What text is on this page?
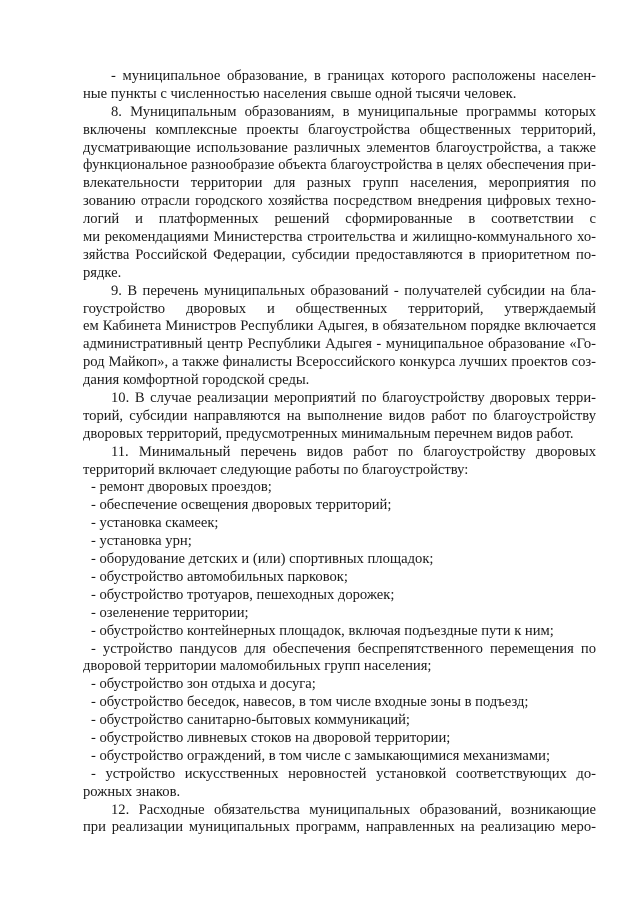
- муниципальное образование, в границах которого расположены населен-
ные пункты с численностью населения свыше одной тысячи человек.
8. Муниципальным образованиям, в муниципальные программы которых
включены комплексные проекты благоустройства общественных территорий,
дусматривающие использование различных элементов благоустройства, а также
функциональное разнообразие объекта благоустройства в целях обеспечения при-
влекательности территории для разных групп населения, мероприятия по
зованию отрасли городского хозяйства посредством внедрения цифровых техно-
логий и платформенных решений сформированные в соответствии с
ми рекомендациями Министерства строительства и жилищно-коммунального хо-
зяйства Российской Федерации, субсидии предоставляются в приоритетном по-
рядке.
9. В перечень муниципальных образований - получателей субсидии на бла-
гоустройство дворовых и общественных территорий, утверждаемый
ем Кабинета Министров Республики Адыгея, в обязательном порядке включается
административный центр Республики Адыгея - муниципальное образование «Го-
род Майкоп», а также финалисты Всероссийского конкурса лучших проектов соз-
дания комфортной городской среды.
10. В случае реализации мероприятий по благоустройству дворовых терри-
торий, субсидии направляются на выполнение видов работ по благоустройству
дворовых территорий, предусмотренных минимальным перечнем видов работ.
11. Минимальный перечень видов работ по благоустройству дворовых
территорий включает следующие работы по благоустройству:
- ремонт дворовых проездов;
- обеспечение освещения дворовых территорий;
- установка скамеек;
- установка урн;
- оборудование детских и (или) спортивных площадок;
- обустройство автомобильных парковок;
- обустройство тротуаров, пешеходных дорожек;
- озеленение территории;
- обустройство контейнерных площадок, включая подъездные пути к ним;
- устройство пандусов для обеспечения беспрепятственного перемещения по
дворовой территории маломобильных групп населения;
- обустройство зон отдыха и досуга;
- обустройство беседок, навесов, в том числе входные зоны в подъезд;
- обустройство санитарно-бытовых коммуникаций;
- обустройство ливневых стоков на дворовой территории;
- обустройство ограждений, в том числе с замыкающимися механизмами;
- устройство искусственных неровностей установкой соответствующих до-
рожных знаков.
12. Расходные обязательства муниципальных образований, возникающие
при реализации муниципальных программ, направленных на реализацию меро-
